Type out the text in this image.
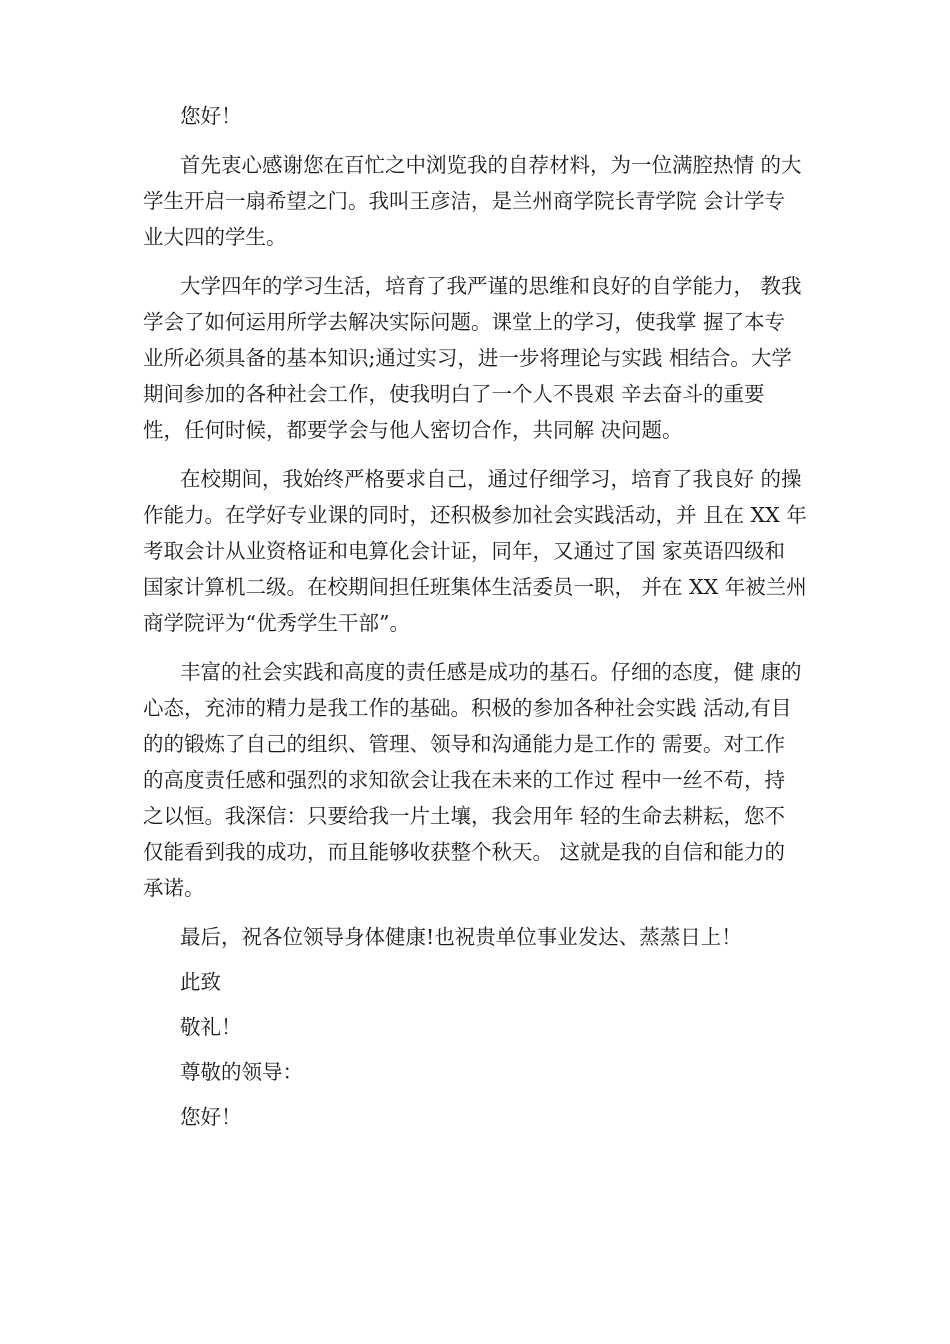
您好！
首先衷心感谢您在百忙之中浏览我的自荐材料，为一位满腔热情 的大
学生开启一扇希望之门。我叫王彦洁，是兰州商学院长青学院 会计学专
业大四的学生。
大学四年的学习生活，培育了我严谨的思维和良好的自学能力， 教我
学会了如何运用所学去解决实际问题。课堂上的学习，使我掌 握了本专
业所必须具备的基本知识;通过实习，进一步将理论与实践 相结合。大学
期间参加的各种社会工作，使我明白了一个人不畏艰 辛去奋斗的重要
性，任何时候，都要学会与他人密切合作，共同解 决问题。
在校期间，我始终严格要求自己，通过仔细学习，培育了我良好 的操
作能力。在学好专业课的同时，还积极参加社会实践活动，并 且在 XX 年
考取会计从业资格证和电算化会计证，同年，又通过了国 家英语四级和
国家计算机二级。在校期间担任班集体生活委员一职， 并在 XX 年被兰州
商学院评为“优秀学生干部”。
丰富的社会实践和高度的责任感是成功的基石。仔细的态度，健 康的
心态，充沛的精力是我工作的基础。积极的参加各种社会实践 活动,有目
的的锻炼了自己的组织、管理、领导和沟通能力是工作的 需要。对工作
的高度责任感和强烈的求知欲会让我在未来的工作过 程中一丝不苟，持
之以恒。我深信：只要给我一片土壤，我会用年 轻的生命去耕耘，您不
仅能看到我的成功，而且能够收获整个秋天。 这就是我的自信和能力的
承诺。
最后，祝各位领导身体健康!也祝贵单位事业发达、蒸蒸日上！
此致
敬礼！
尊敬的领导：
您好！
